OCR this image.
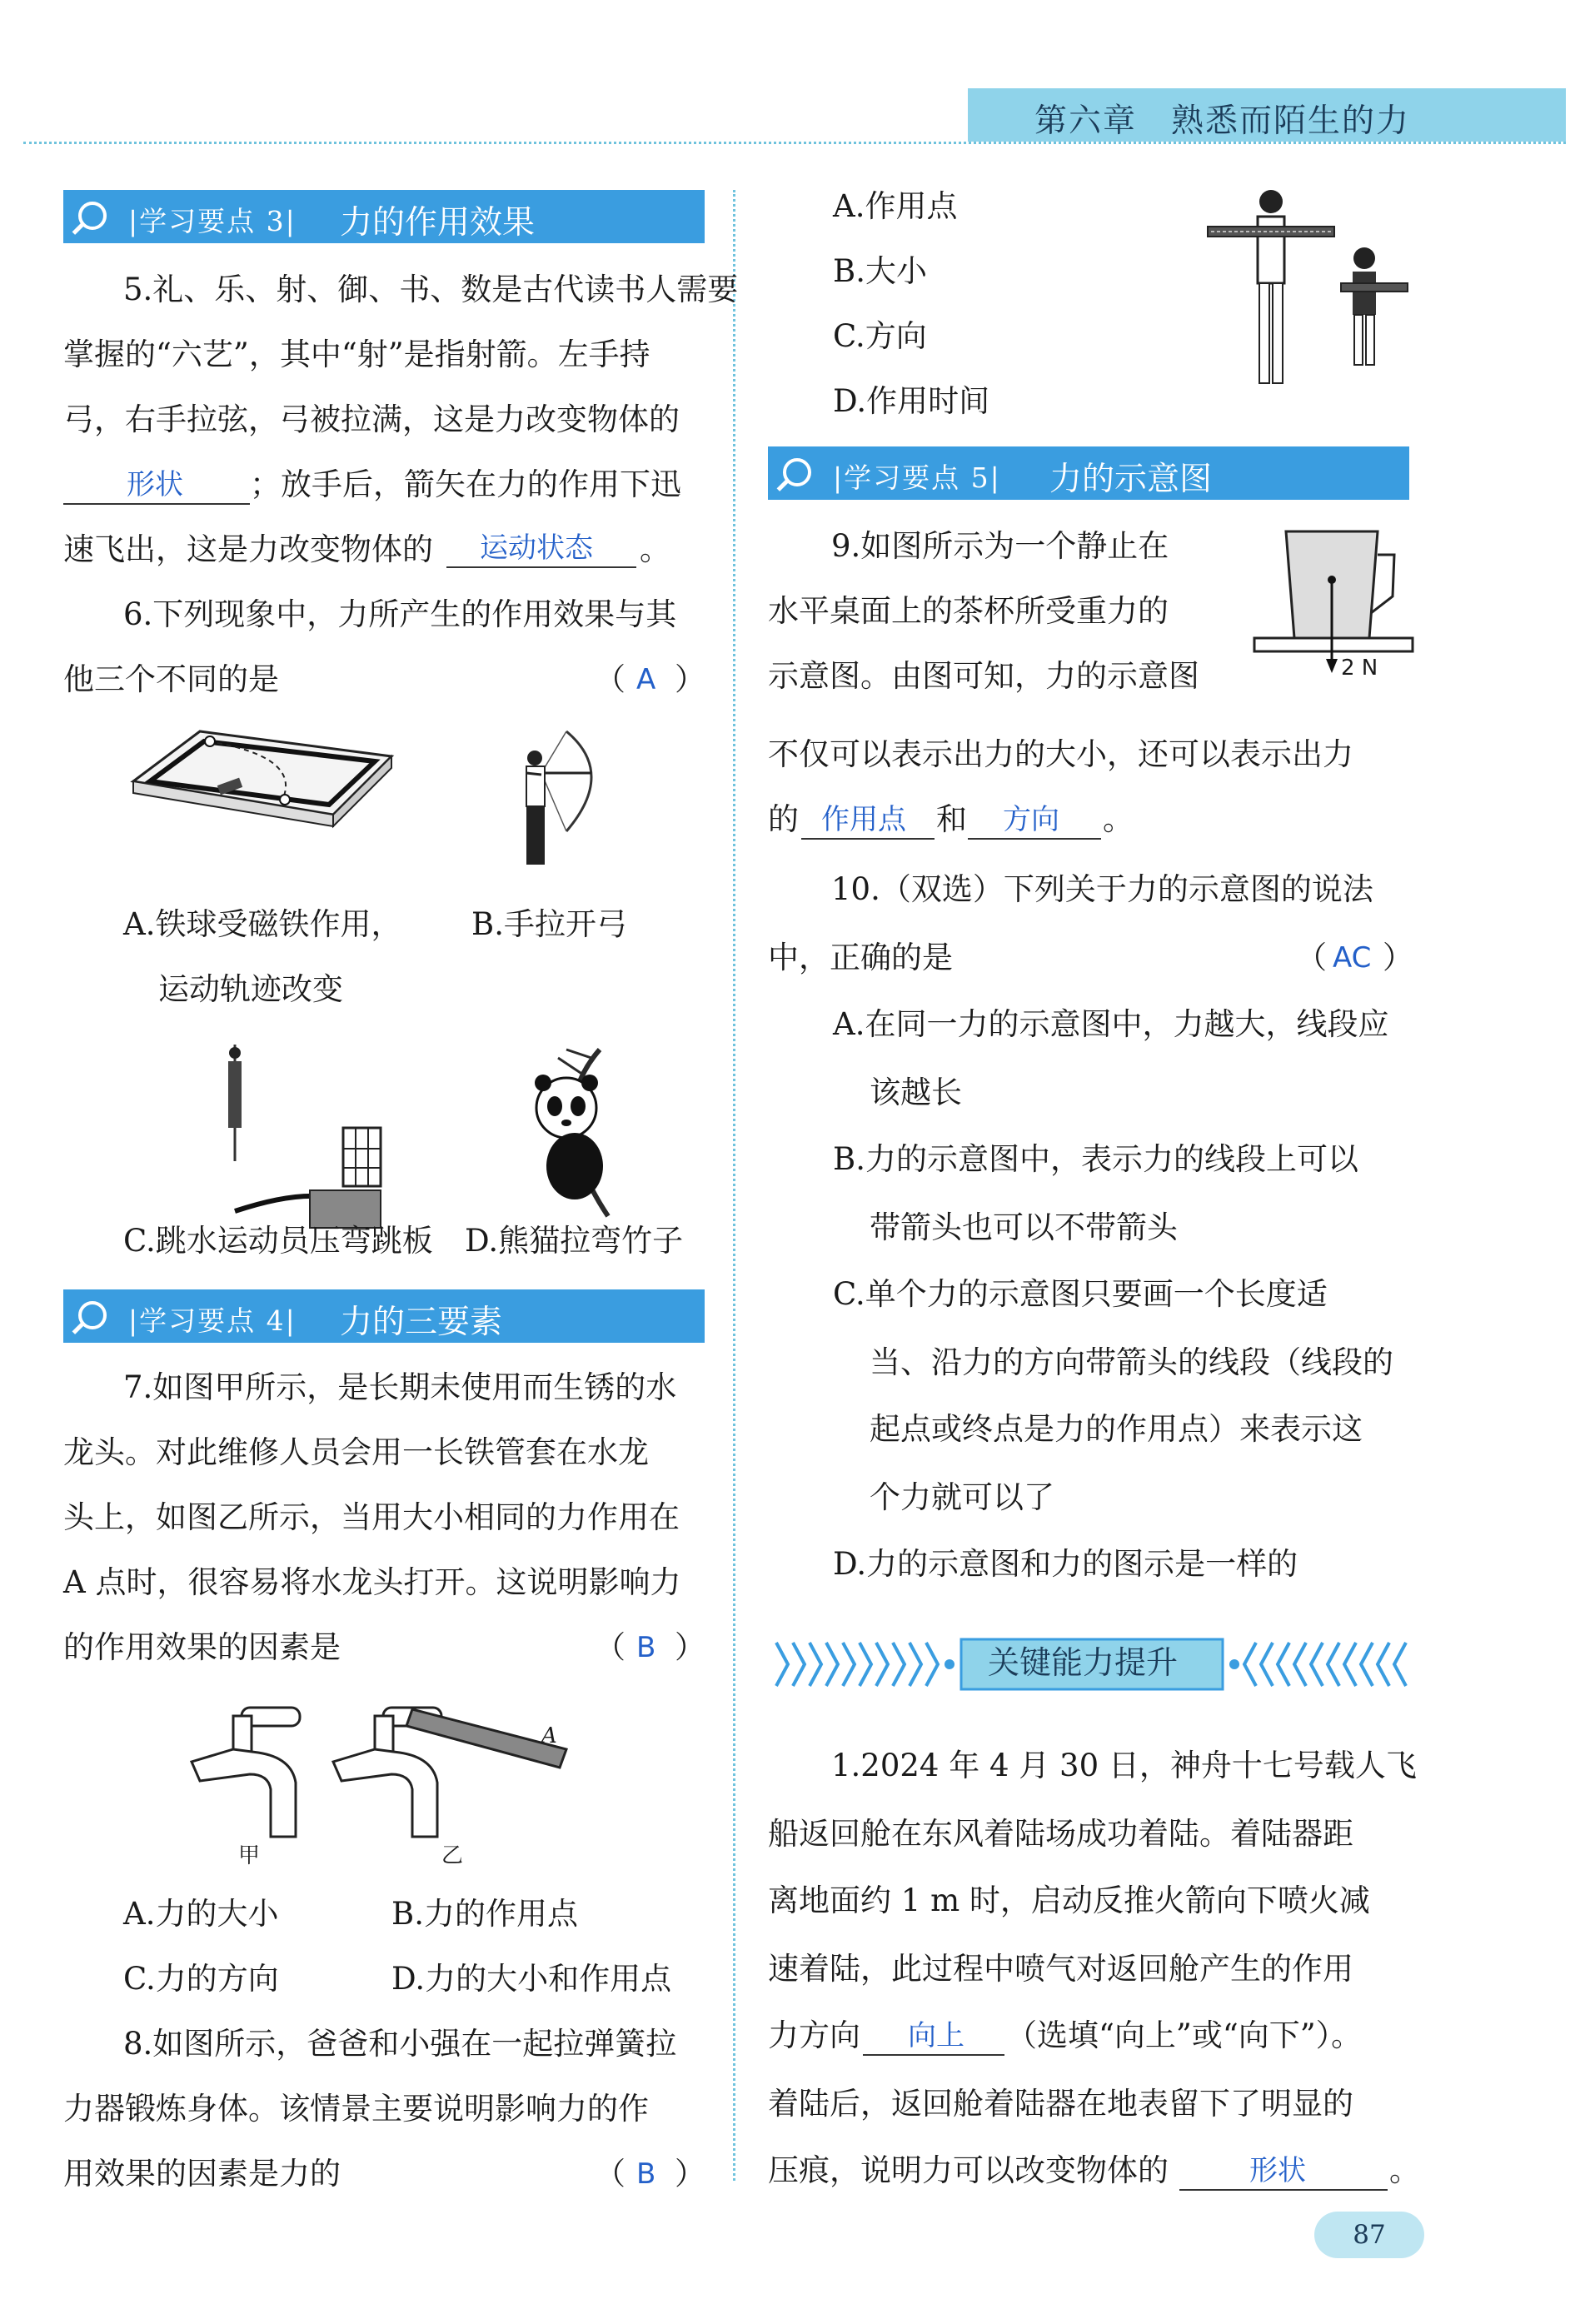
第六章　熟悉而陌生的力
|学习要点 3| 力的作用效果
5.礼、乐、射、御、书、数是古代读书人需要
掌握的“六艺”，其中“射”是指射箭。左手持
弓，右手拉弦，弓被拉满，这是力改变物体的
形状 ；放手后，箭矢在力的作用下迅
速飞出，这是力改变物体的 运动状态 。
6.下列现象中，力所产生的作用效果与其
他三个不同的是	（ A ）
A.铁球受磁铁作用，
运动轨迹改变
B.手拉开弓
C.跳水运动员压弯跳板 D.熊猫拉弯竹子
|学习要点 4| 力的三要素
7.如图甲所示，是长期未使用而生锈的水
龙头。对此维修人员会用一长铁管套在水龙
头上，如图乙所示，当用大小相同的力作用在
A 点时，很容易将水龙头打开。这说明影响力
的作用效果的因素是	（ B ）
A
甲	乙
A.力的大小	B.力的作用点
C.力的方向	D.力的大小和作用点
8.如图所示，爸爸和小强在一起拉弹簧拉
力器锻炼身体。该情景主要说明影响力的作
用效果的因素是力的	（ B ）
A.作用点
B.大小
C.方向
D.作用时间
|学习要点 5| 力的示意图
9.如图所示为一个静止在
水平桌面上的茶杯所受重力的
示意图。由图可知，力的示意图	2 N
不仅可以表示出力的大小，还可以表示出力
的 作用点 和 方向 。
10.（双选）下列关于力的示意图的说法
中，正确的是	（ AC ）
A.在同一力的示意图中，力越大，线段应
该越长
B.力的示意图中，表示力的线段上可以
带箭头也可以不带箭头
C.单个力的示意图只要画一个长度适
当、沿力的方向带箭头的线段（线段的
起点或终点是力的作用点）来表示这
个力就可以了
D.力的示意图和力的图示是一样的
关键能力提升
1.2024 年 4 月 30 日，神舟十七号载人飞
船返回舱在东风着陆场成功着陆。着陆器距
离地面约 1 m 时，启动反推火箭向下喷火减
速着陆，此过程中喷气对返回舱产生的作用
力方向 向上 （选填“向上”或“向下”）。
着陆后，返回舱着陆器在地表留下了明显的
压痕，说明力可以改变物体的	形状	。
87
